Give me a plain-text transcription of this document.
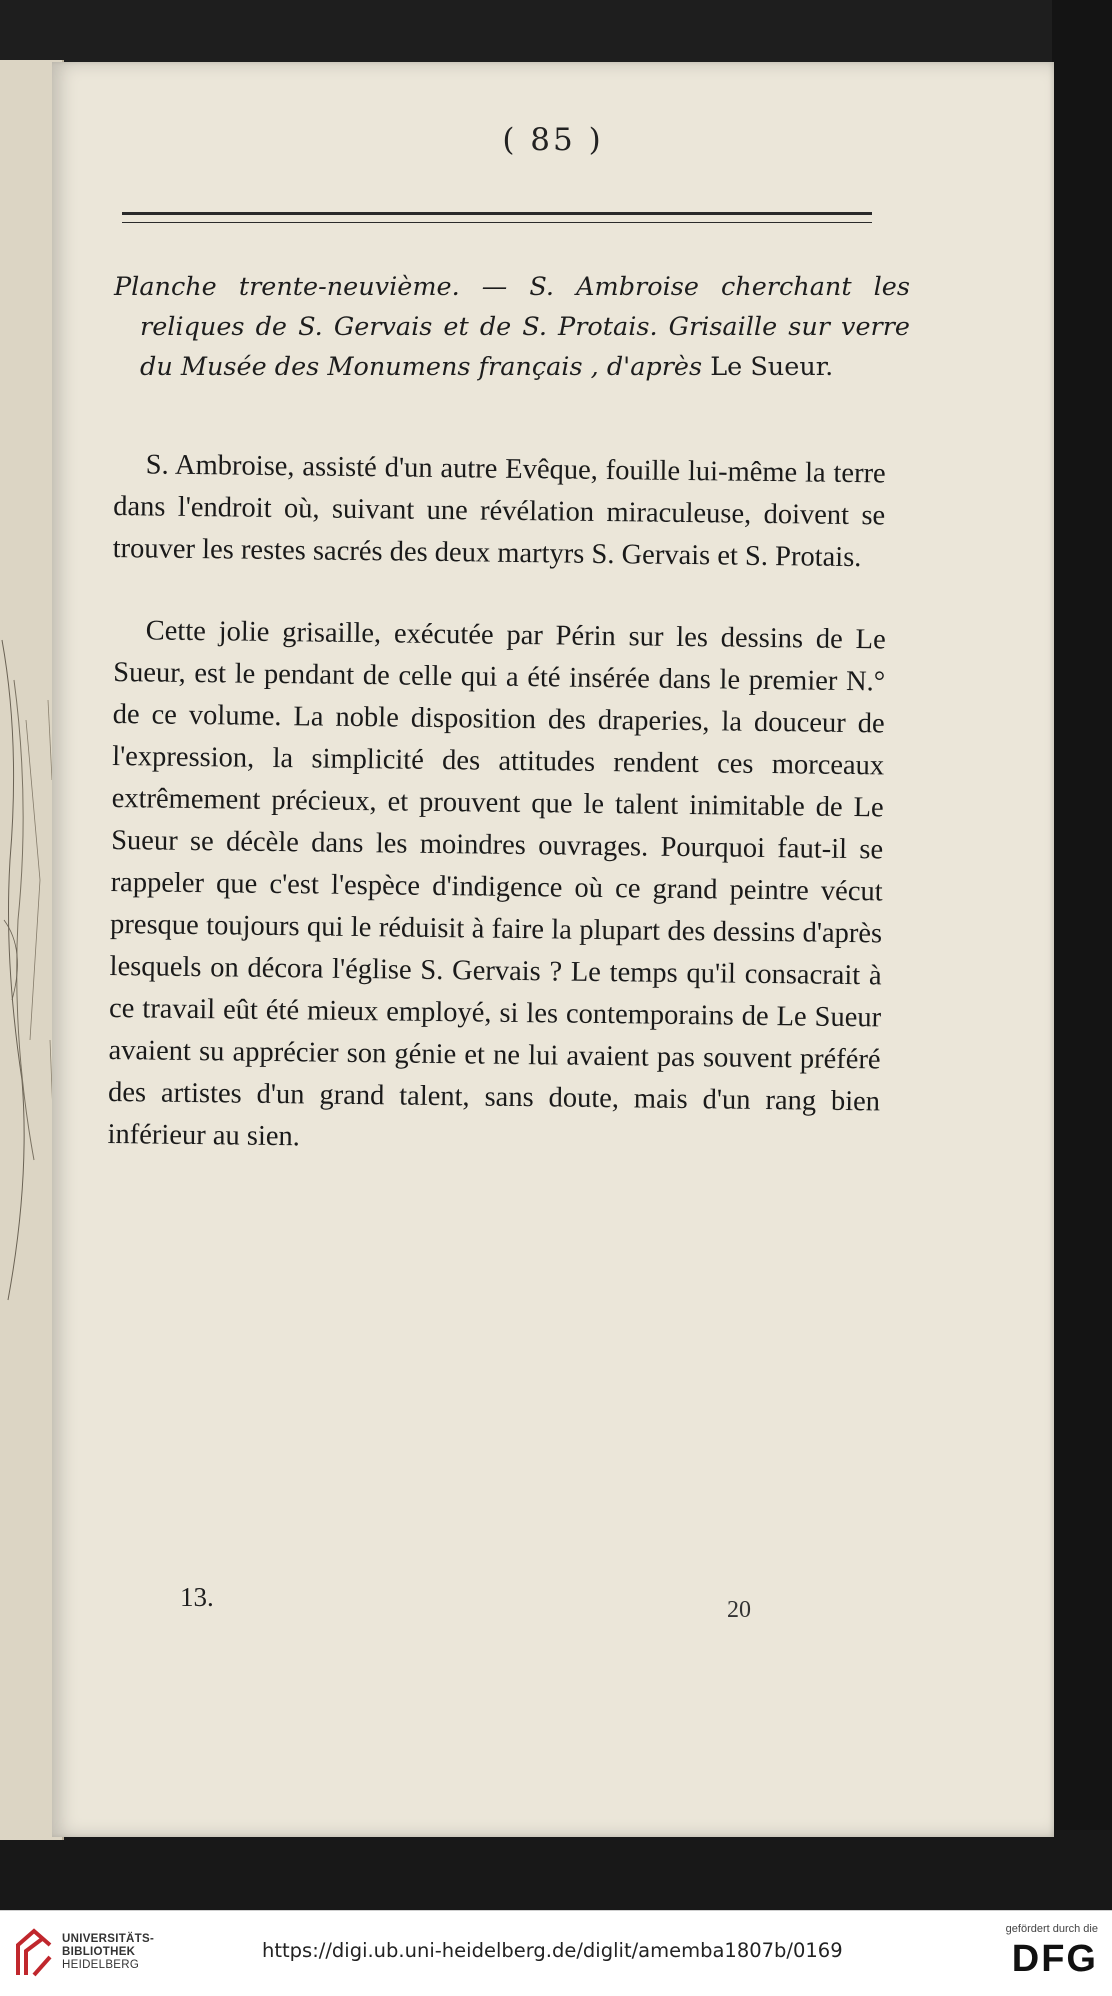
( 85 )
Planche trente-neuvième. — S. Ambroise cherchant les reliques de S. Gervais et de S. Protais. Grisaille sur verre du Musée des Monumens français , d'après Le Sueur.

S. Ambroise, assisté d'un autre Evêque, fouille lui-même la terre dans l'endroit où, suivant une révélation miraculeuse, doivent se trouver les restes sacrés des deux martyrs S. Gervais et S. Protais.

Cette jolie grisaille, exécutée par Périn sur les dessins de Le Sueur, est le pendant de celle qui a été insérée dans le premier N.° de ce volume. La noble disposition des draperies, la douceur de l'expression, la simplicité des attitudes rendent ces morceaux extrêmement précieux, et prouvent que le talent inimitable de Le Sueur se décèle dans les moindres ouvrages. Pourquoi faut-il se rappeler que c'est l'espèce d'indigence où ce grand peintre vécut presque toujours qui le réduisit à faire la plupart des dessins d'après lesquels on décora l'église S. Gervais ? Le temps qu'il consacrait à ce travail eût été mieux employé, si les contemporains de Le Sueur avaient su apprécier son génie et ne lui avaient pas souvent préféré des artistes d'un grand talent, sans doute, mais d'un rang bien inférieur au sien.

13.	20
UNIVERSITÄTS-
BIBLIOTHEK
HEIDELBERG
https://digi.ub.uni-heidelberg.de/diglit/amemba1807b/0169
gefördert durch die
DFG
